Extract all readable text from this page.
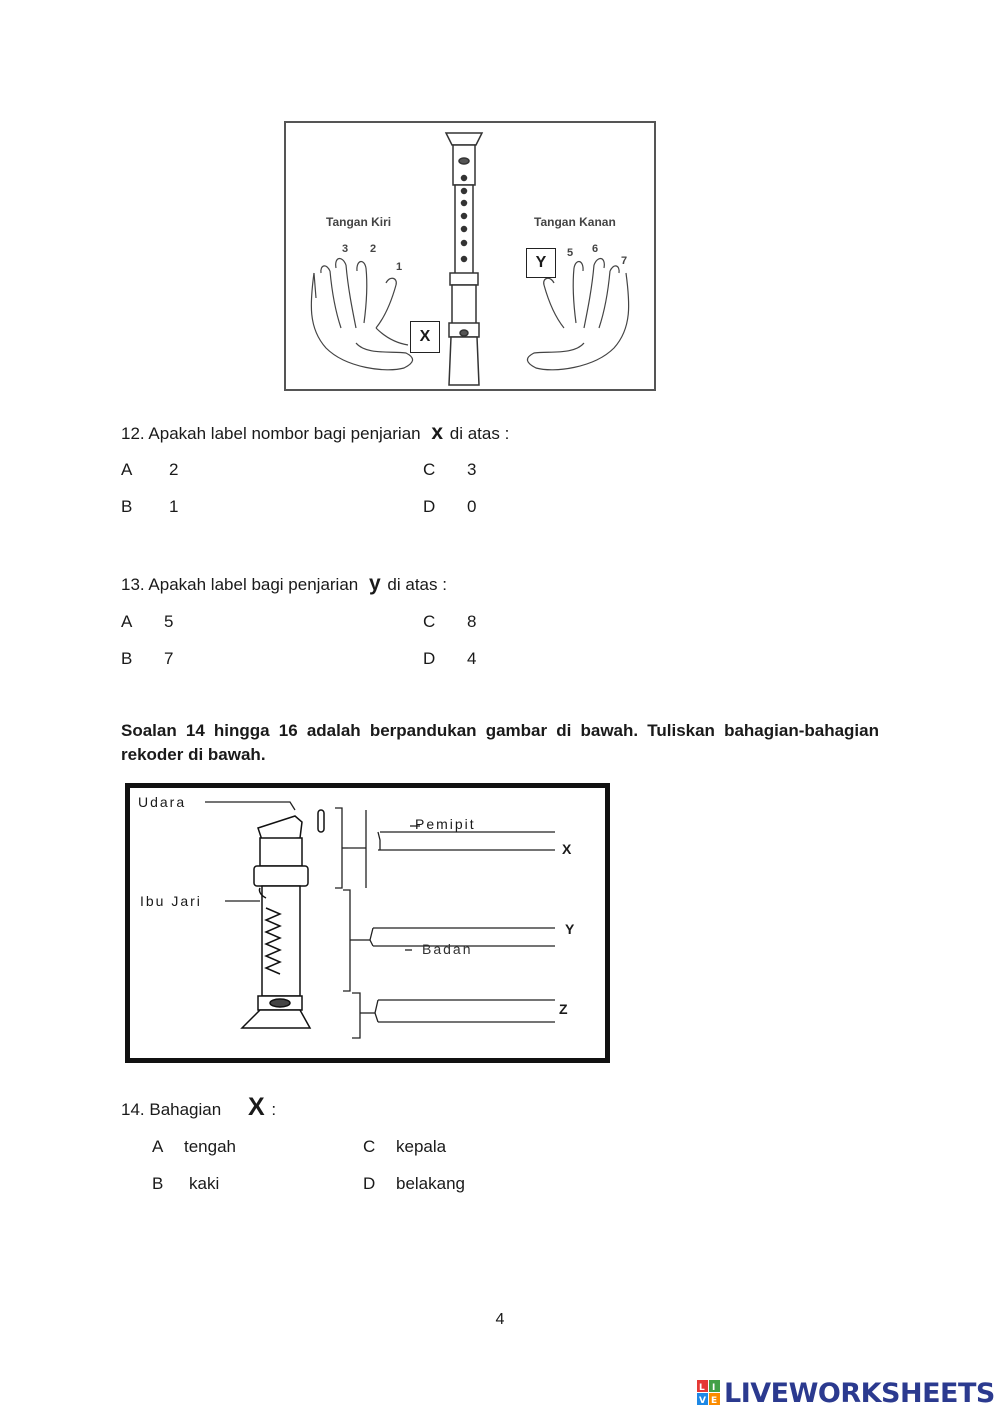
Tangan Kiri	Tangan Kanan
3 2
1
5 6
7
Y
X
12. Apakah label nombor bagi penjarian x di atas :
A 2
B 1
C 3
D 0
13. Apakah label bagi penjarian y di atas :
A 5
B 7
C 8
D 4
Soalan 14 hingga 16 adalah berpandukan gambar di bawah. Tuliskan bahagian-bahagian rekoder di bawah.
Udara
Ibu Jari
Pemipit
Badan
X
Y
Z
14. Bahagian X :
A tengah
B kaki
C kepala
D belakang
4
L I
V E LIVEWORKSHEETS
